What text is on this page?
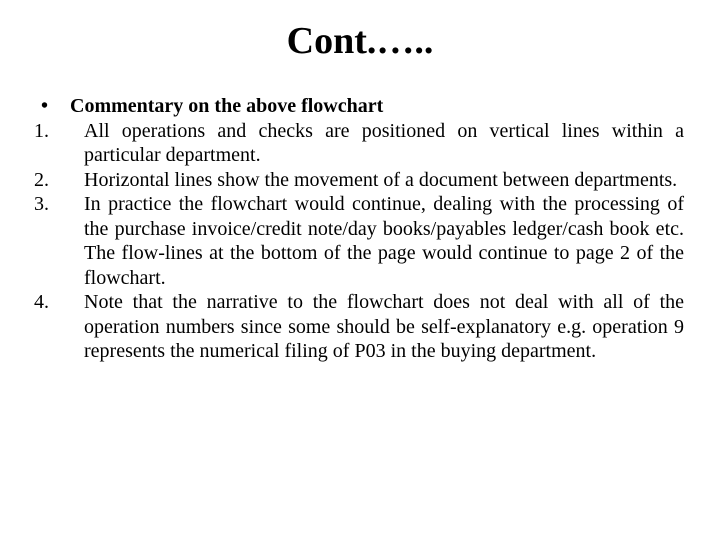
Cont.…..
•	Commentary on the above flowchart
1.	All operations and checks are positioned on vertical lines within a particular department.
2.	Horizontal lines show the movement of a document between departments.
3.	In practice the flowchart would continue, dealing with the processing of the purchase invoice/credit note/day books/payables ledger/cash book etc. The flow-lines at the bottom of the page would continue to page 2 of the flowchart.
4.	Note that the narrative to the flowchart does not deal with all of the operation numbers since some should be self-explanatory e.g. operation 9 represents the numerical filing of P03 in the buying department.
